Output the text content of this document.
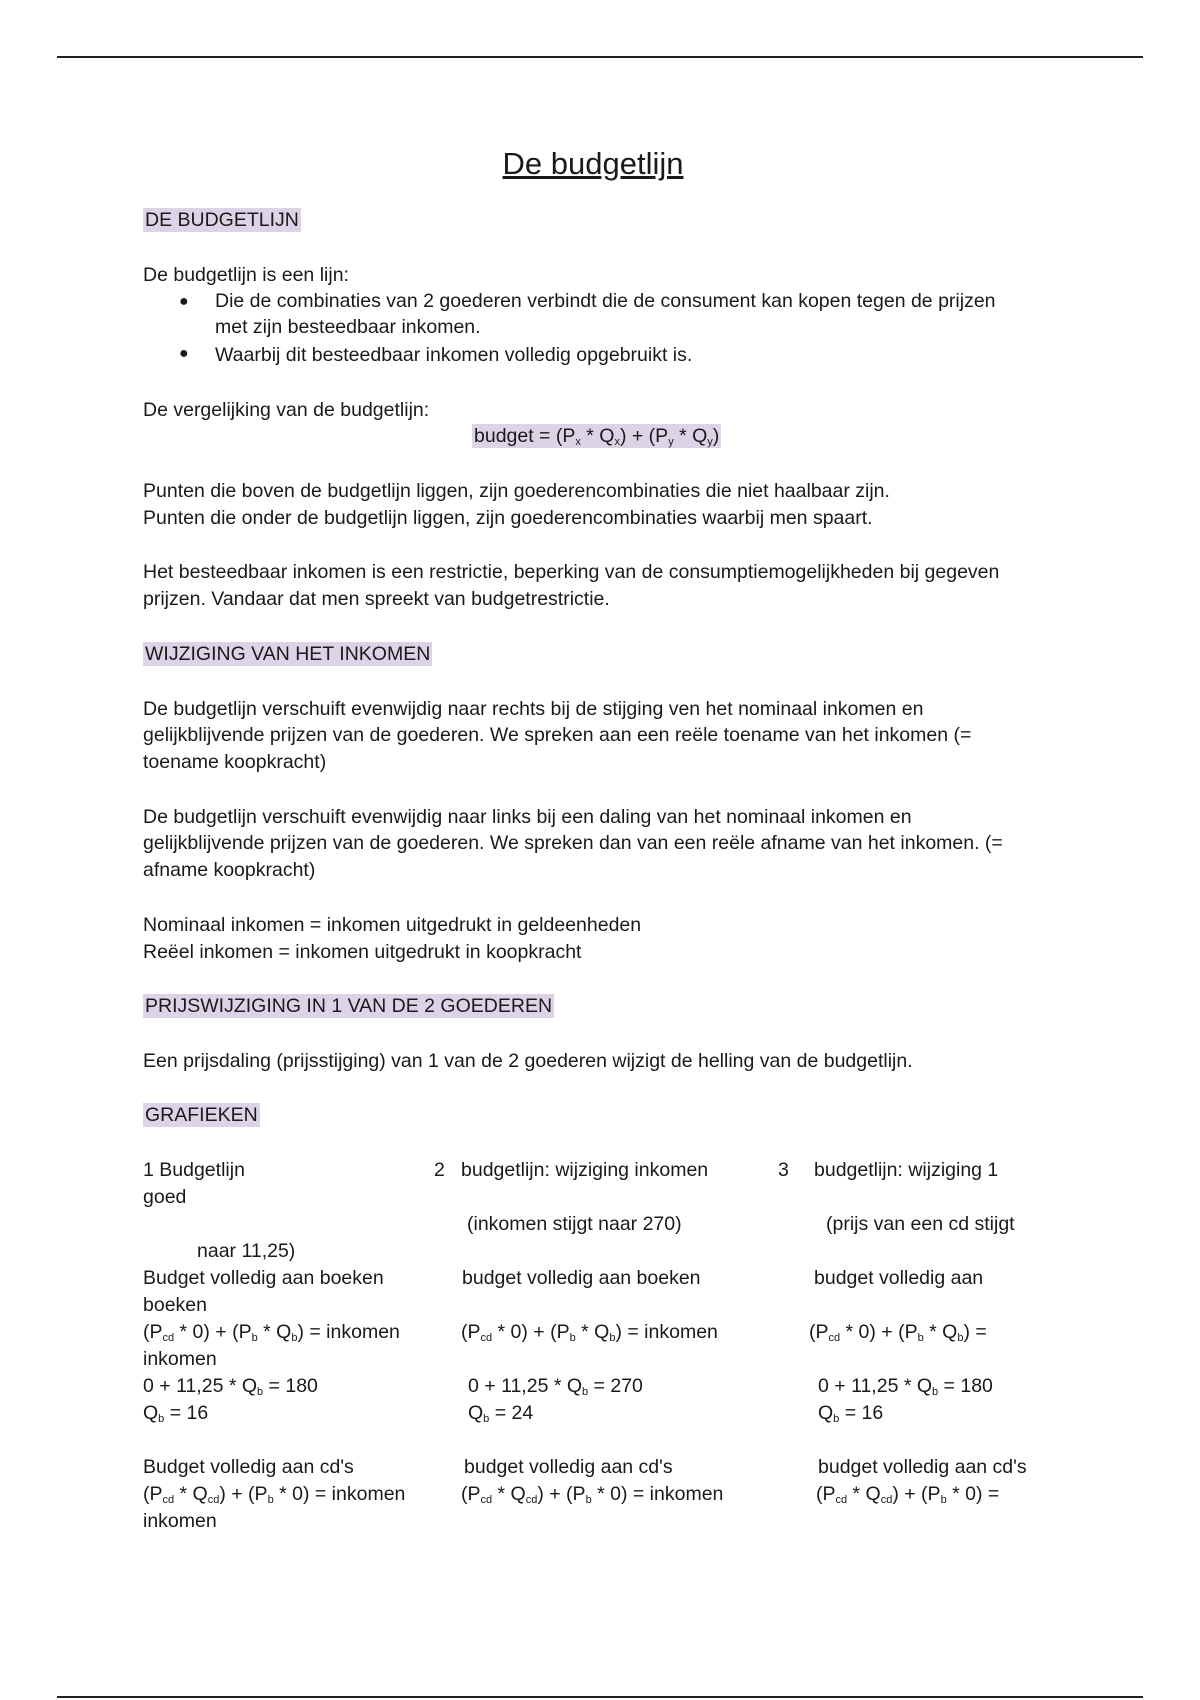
De budgetlijn
DE BUDGETLIJN
De budgetlijn is een lijn:
● Die de combinaties van 2 goederen verbindt die de consument kan kopen tegen de prijzen
met zijn besteedbaar inkomen.
● Waarbij dit besteedbaar inkomen volledig opgebruikt is.
De vergelijking van de budgetlijn:
budget = $(P_x * Q_x) + (P_y * Q_y)$
Punten die boven de budgetlijn liggen, zijn goederencombinaties die niet haalbaar zijn.
Punten die onder de budgetlijn liggen, zijn goederencombinaties waarbij men spaart.
Het besteedbaar inkomen is een restrictie, beperking van de consumptiemogelijkheden bij gegeven
prijzen. Vandaar dat men spreekt van budgetrestrictie.
WIJZIGING VAN HET INKOMEN
De budgetlijn verschuift evenwijdig naar rechts bij de stijging ven het nominaal inkomen en
gelijkblijvende prijzen van de goederen. We spreken aan een reële toename van het inkomen (=
toename koopkracht)
De budgetlijn verschuift evenwijdig naar links bij een daling van het nominaal inkomen en
gelijkblijvende prijzen van de goederen. We spreken dan van een reële afname van het inkomen. (=
afname koopkracht)
Nominaal inkomen = inkomen uitgedrukt in geldeenheden
Reëel inkomen = inkomen uitgedrukt in koopkracht
PRIJSWIJZIGING IN 1 VAN DE 2 GOEDEREN
Een prijsdaling (prijsstijging) van 1 van de 2 goederen wijzigt de helling van de budgetlijn.
GRAFIEKEN
1 Budgetlijn
goed
naar 11,25)
Budget volledig aan boeken
boeken
$(P_{cd} * 0) + (P_b * Q_b)$ = inkomen
inkomen
$0 + 11,25 * Q_b = 180$
$Q_b = 16$
Budget volledig aan cd's
$(P_{cd} * Q_{cd}) + (P_b * 0)$ = inkomen
inkomen
2 budgetlijn: wijziging inkomen
(inkomen stijgt naar 270)
budget volledig aan boeken
$(P_{cd} * 0) + (P_b * Q_b)$ = inkomen
$0 + 11,25 * Q_b = 270$
$Q_b = 24$
budget volledig aan cd's
$(P_{cd} * Q_{cd}) + (P_b * 0)$ = inkomen
3 budgetlijn: wijziging 1
(prijs van een cd stijgt
budget volledig aan
$(P_{cd} * 0) + (P_b * Q_b)$ =
$0 + 11,25 * Q_b = 180$
$Q_b = 16$
budget volledig aan cd's
$(P_{cd} * Q_{cd}) + (P_b * 0)$ =
